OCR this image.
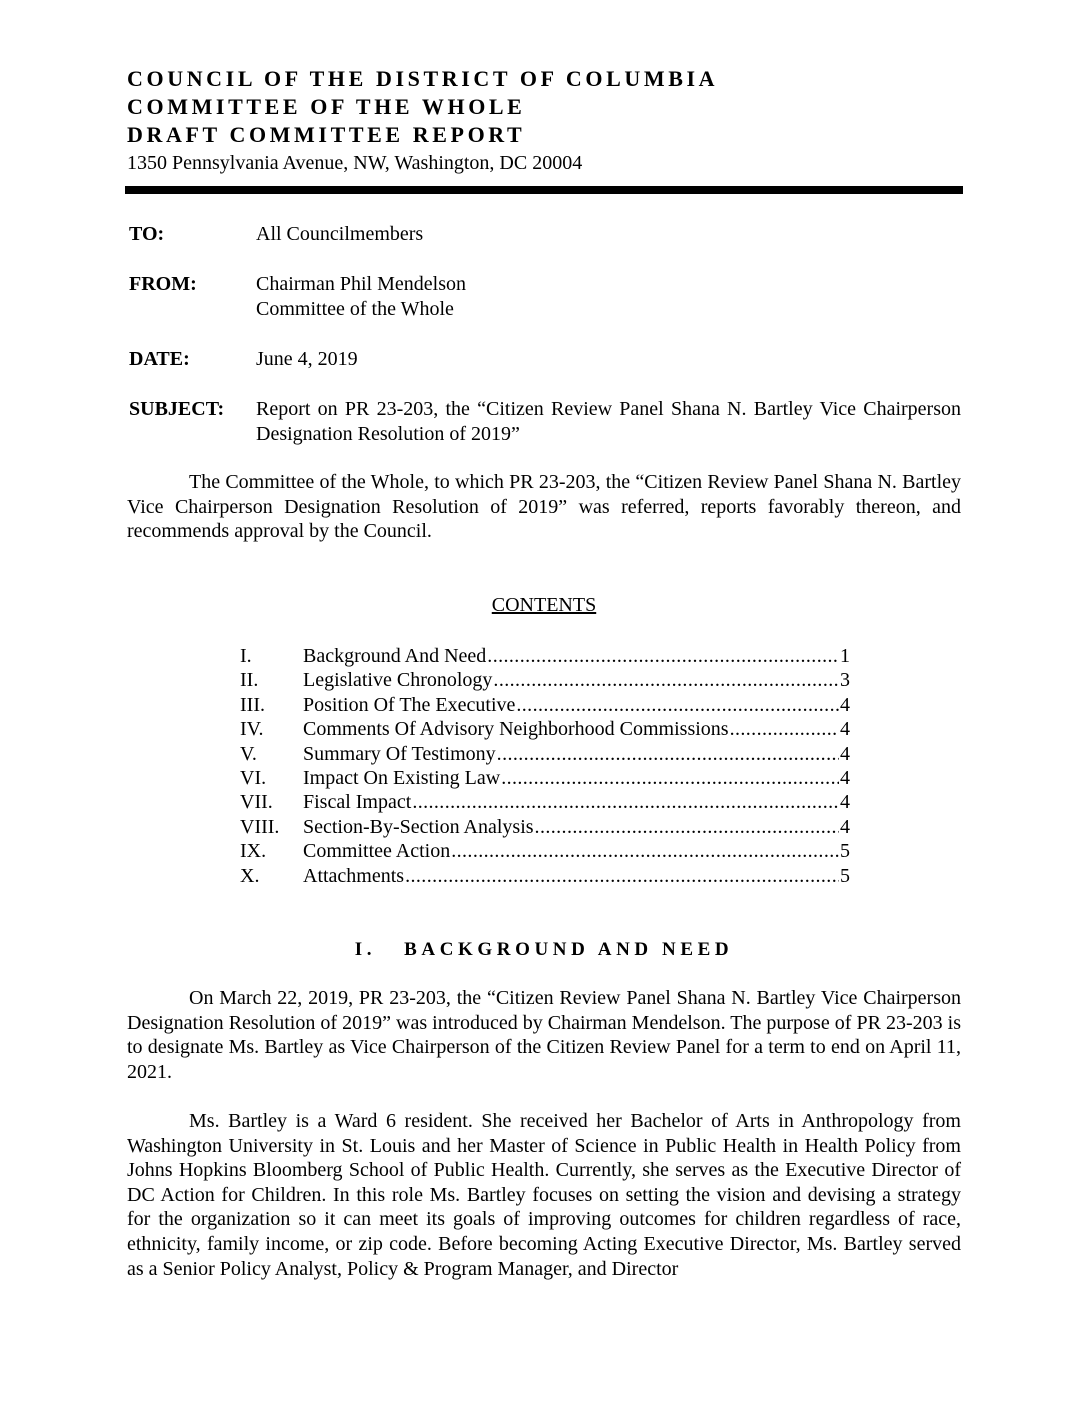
COUNCIL OF THE DISTRICT OF COLUMBIA
COMMITTEE OF THE WHOLE
DRAFT COMMITTEE REPORT
1350 Pennsylvania Avenue, NW, Washington, DC 20004
TO:	All Councilmembers
FROM:	Chairman Phil Mendelson
Committee of the Whole
DATE:	June 4, 2019
SUBJECT: Report on PR 23-203, the “Citizen Review Panel Shana N. Bartley Vice Chairperson Designation Resolution of 2019”

The Committee of the Whole, to which PR 23-203, the “Citizen Review Panel Shana N. Bartley Vice Chairperson Designation Resolution of 2019” was referred, reports favorably thereon, and recommends approval by the Council.

CONTENTS
I.	Background And Need .....	1
II.	Legislative Chronology .....	3
III.	Position Of The Executive .....	4
IV.	Comments Of Advisory Neighborhood Commissions .....	4
V.	Summary Of Testimony .....	4
VI.	Impact On Existing Law .....	4
VII.	Fiscal Impact .....	4
VIII.	Section-By-Section Analysis .....	4
IX.	Committee Action .....	5
X.	Attachments .....	5
I. BACKGROUND AND NEED

On March 22, 2019, PR 23-203, the “Citizen Review Panel Shana N. Bartley Vice Chairperson Designation Resolution of 2019” was introduced by Chairman Mendelson. The purpose of PR 23-203 is to designate Ms. Bartley as Vice Chairperson of the Citizen Review Panel for a term to end on April 11, 2021.

Ms. Bartley is a Ward 6 resident. She received her Bachelor of Arts in Anthropology from Washington University in St. Louis and her Master of Science in Public Health in Health Policy from Johns Hopkins Bloomberg School of Public Health. Currently, she serves as the Executive Director of DC Action for Children. In this role Ms. Bartley focuses on setting the vision and devising a strategy for the organization so it can meet its goals of improving outcomes for children regardless of race, ethnicity, family income, or zip code. Before becoming Acting Executive Director, Ms. Bartley served as a Senior Policy Analyst, Policy & Program Manager, and Director
